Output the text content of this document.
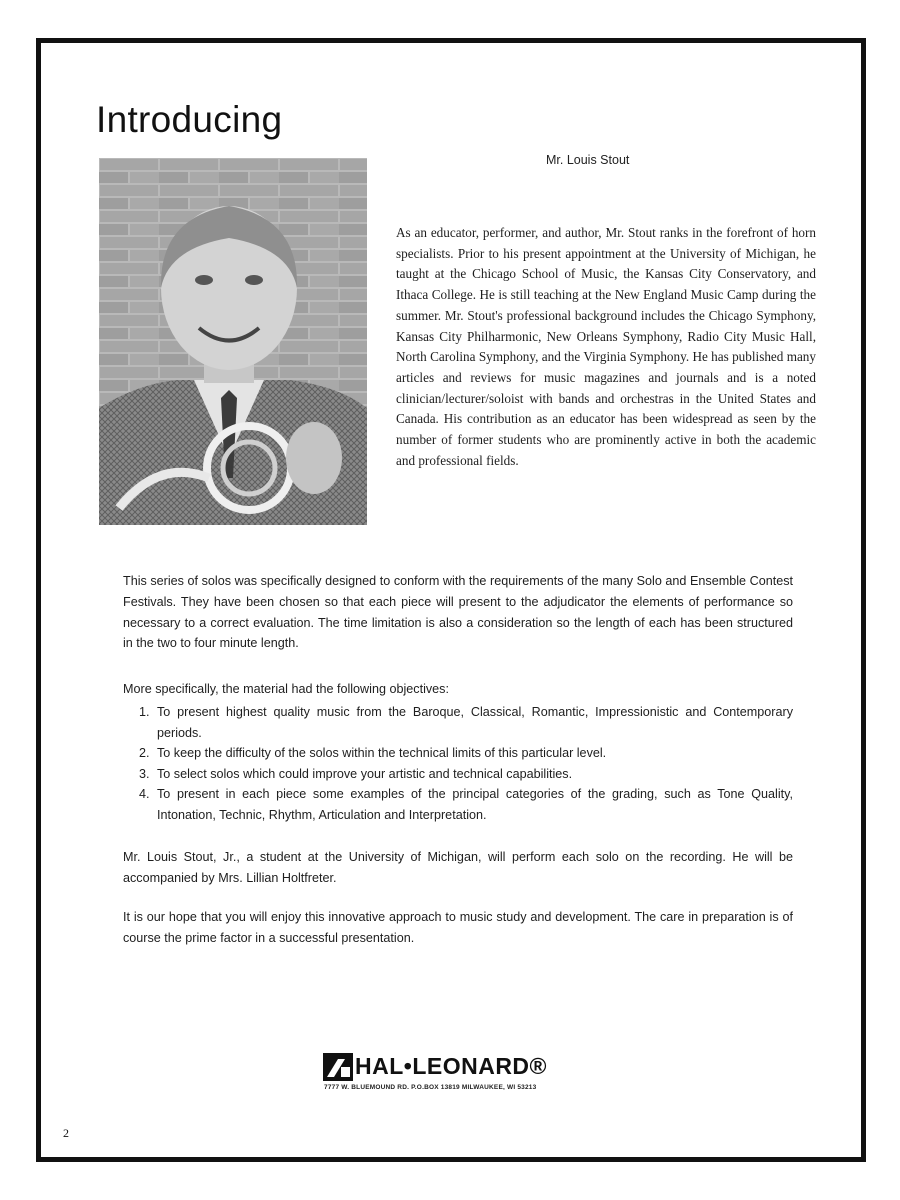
Introducing
Mr. Louis Stout

As an educator, performer, and author, Mr. Stout ranks in the forefront of horn specialists. Prior to his present appointment at the University of Michigan, he taught at the Chicago School of Music, the Kansas City Conservatory, and Ithaca College. He is still teaching at the New England Music Camp during the summer. Mr. Stout's professional background includes the Chicago Symphony, Kansas City Philharmonic, New Orleans Symphony, Radio City Music Hall, North Carolina Symphony, and the Virginia Symphony. He has published many articles and reviews for music magazines and journals and is a noted clinician/lecturer/soloist with bands and orchestras in the United States and Canada. His contribution as an educator has been widespread as seen by the number of former students who are prominently active in both the academic and professional fields.

This series of solos was specifically designed to conform with the requirements of the many Solo and Ensemble Contest Festivals. They have been chosen so that each piece will present to the adjudicator the elements of performance so necessary to a correct evaluation. The time limitation is also a consideration so the length of each has been structured in the two to four minute length.

More specifically, the material had the following objectives:

1. To present highest quality music from the Baroque, Classical, Romantic, Impressionistic and Contemporary periods.
2. To keep the difficulty of the solos within the technical limits of this particular level.
3. To select solos which could improve your artistic and technical capabilities.
4. To present in each piece some examples of the principal categories of the grading, such as Tone Quality, Intonation, Technic, Rhythm, Articulation and Interpretation.

Mr. Louis Stout, Jr., a student at the University of Michigan, will perform each solo on the recording. He will be accompanied by Mrs. Lillian Holtfreter.

It is our hope that you will enjoy this innovative approach to music study and development. The care in preparation is of course the prime factor in a successful presentation.

HAL•LEONARD®
7777 W. BLUEMOUND RD. P.O.BOX 13819 MILWAUKEE, WI 53213
2
